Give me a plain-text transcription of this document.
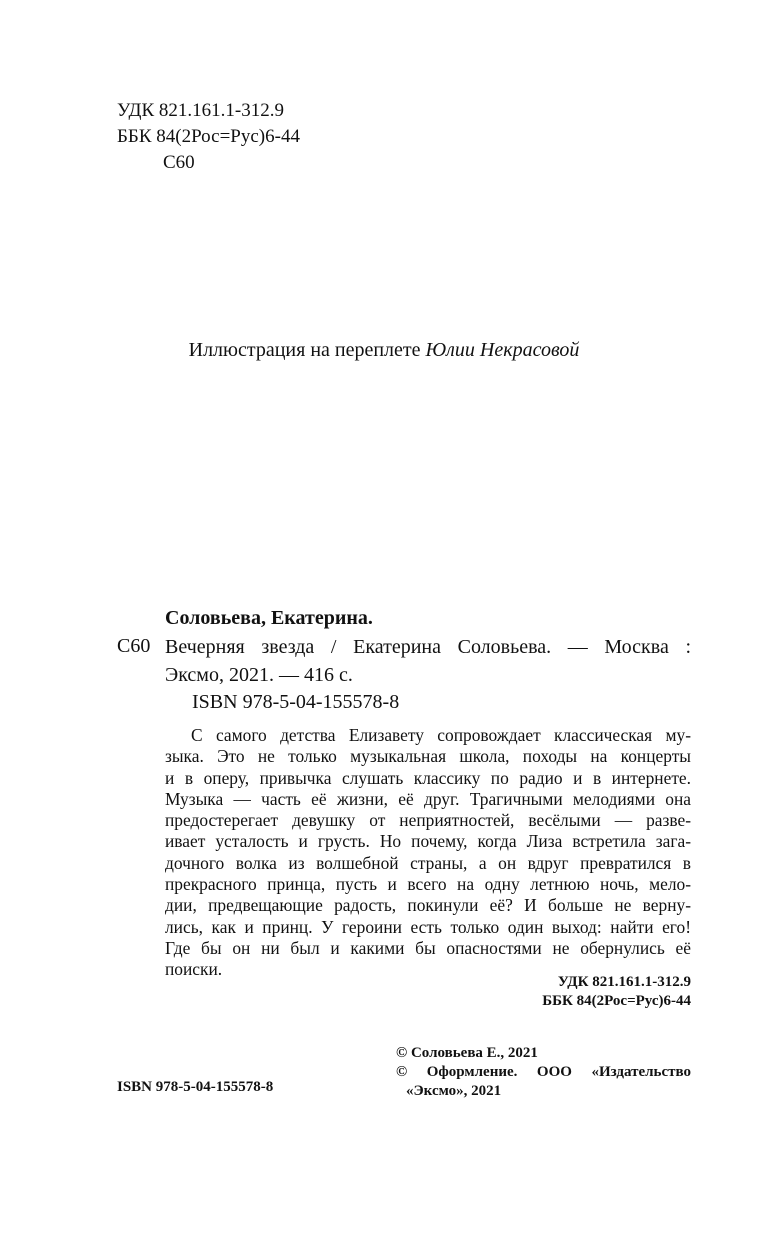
УДК 821.161.1-312.9
ББК 84(2Рос=Рус)6-44
С60
Иллюстрация на переплете Юлии Некрасовой
Соловьева, Екатерина.
С60 Вечерняя звезда / Екатерина Соловьева. — Москва :
Эксмо, 2021. — 416 с.
ISBN 978-5-04-155578-8
С самого детства Елизавету сопровождает классическая му-
зыка. Это не только музыкальная школа, походы на концерты
и в оперу, привычка слушать классику по радио и в интернете.
Музыка — часть её жизни, её друг. Трагичными мелодиями она
предостерегает девушку от неприятностей, весёлыми — разве-
ивает усталость и грусть. Но почему, когда Лиза встретила зага-
дочного волка из волшебной страны, а он вдруг превратился в
прекрасного принца, пусть и всего на одну летнюю ночь, мело-
дии, предвещающие радость, покинули её? И больше не верну-
лись, как и принц. У героини есть только один выход: найти его!
Где бы он ни был и какими бы опасностями не обернулись её
поиски.
УДК 821.161.1-312.9
ББК 84(2Рос=Рус)6-44
© Соловьева Е., 2021
© Оформление. ООО «Издательство
«Эксмо», 2021
ISBN 978-5-04-155578-8
